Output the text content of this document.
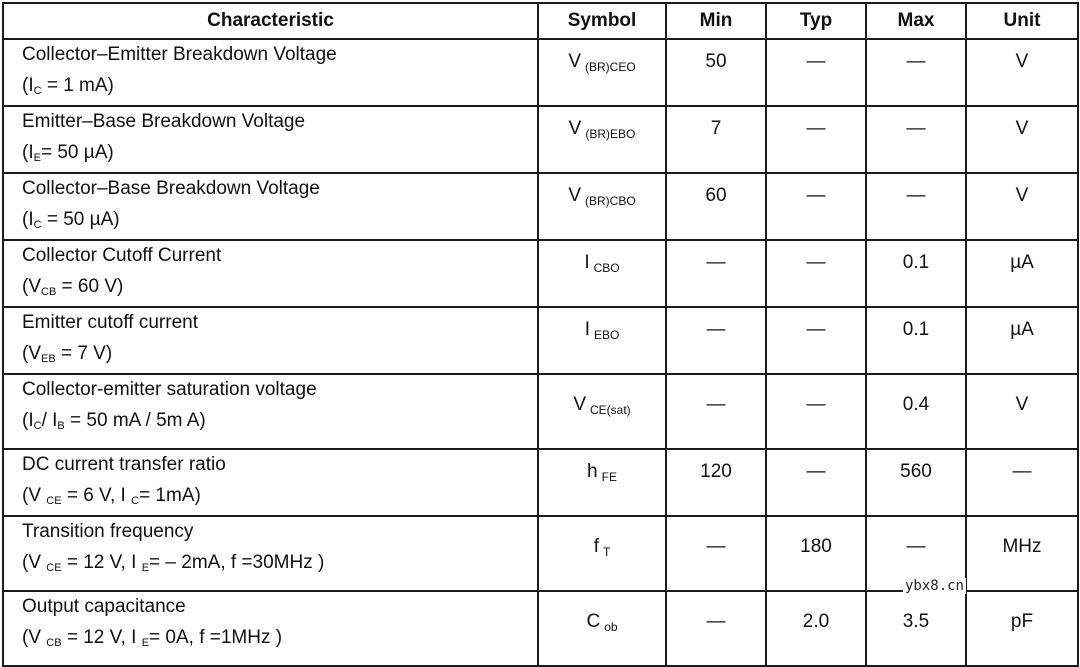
Characteristic	Symbol	Min	Typ	Max	Unit

Collector–Emitter Breakdown Voltage
($I_C = 1$ mA)	V $_{(BR)CEO}$	50	—	—	V

Emitter–Base Breakdown Voltage
($I_E= 50$ µA)	V $_{(BR)EBO}$	7	—	—	V

Collector–Base Breakdown Voltage
($I_C = 50$ µA)	V $_{(BR)CBO}$	60	—	—	V

Collector Cutoff Current
($V_{CB} = 60$ V)	I $_{CBO}$	—	—	0.1	µA

Emitter cutoff current
($V_{EB} = 7$ V)	I $_{EBO}$	—	—	0.1	µA

Collector-emitter saturation voltage
($I_C/$ $I_B = 50$ mA / 5m A)	V $_{CE(sat)}$	—	—	0.4	V

DC current transfer ratio
(V $_{CE}$ = 6 V, I $_C$= 1mA)	h $_{FE}$	120	—	560	—

Transition frequency
(V $_{CE}$ = 12 V, I $_E$= – 2mA, f =30MHz )	f $_T$	—	180	—	MHz

Output capacitance
(V $_{CB}$ = 12 V, I $_E$= 0A, f =1MHz )	C $_{ob}$	—	2.0	3.5	pF
ybx8.cn
